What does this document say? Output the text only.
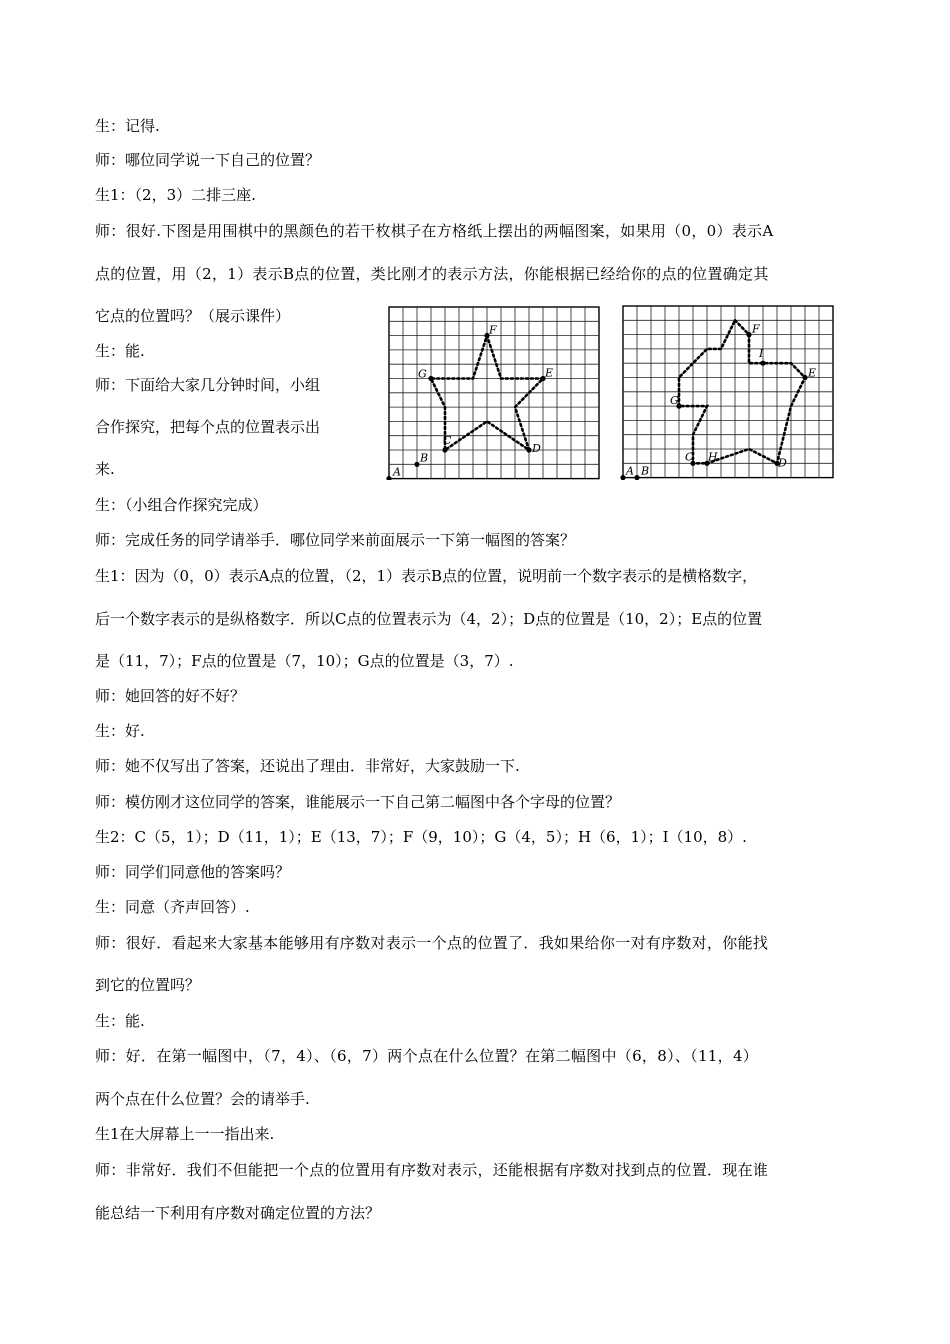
生：记得.
师：哪位同学说一下自己的位置？
生1：（2，3）二排三座.
师：很好.下图是用围棋中的黑颜色的若干枚棋子在方格纸上摆出的两幅图案，如果用（0，0）表示A
点的位置，用（2，1）表示B点的位置，类比刚才的表示方法，你能根据已经给你的点的位置确定其
它点的位置吗？（展示课件）
生：能.
师：下面给大家几分钟时间，小组
合作探究，把每个点的位置表示出
来.
生：（小组合作探究完成）
师：完成任务的同学请举手．哪位同学来前面展示一下第一幅图的答案？
生1：因为（0，0）表示A点的位置，（2，1）表示B点的位置，说明前一个数字表示的是横格数字，
后一个数字表示的是纵格数字．所以C点的位置表示为（4，2）；D点的位置是（10，2）；E点的位置
是（11，7）；F点的位置是（7，10）；G点的位置是（3，7）.
师：她回答的好不好？
生：好.
师：她不仅写出了答案，还说出了理由．非常好，大家鼓励一下.
师：模仿刚才这位同学的答案，谁能展示一下自己第二幅图中各个字母的位置？
生2：C（5，1）；D（11，1）；E（13，7）；F（9，10）；G（4，5）；H（6，1）；I（10，8）.
师：同学们同意他的答案吗？
生：同意（齐声回答）.
师：很好．看起来大家基本能够用有序数对表示一个点的位置了．我如果给你一对有序数对，你能找
到它的位置吗？
生：能.
师：好．在第一幅图中，（7，4）、（6，7）两个点在什么位置？在第二幅图中（6，8）、（11，4）
两个点在什么位置？会的请举手.
生1在大屏幕上一一指出来.
师：非常好．我们不但能把一个点的位置用有序数对表示，还能根据有序数对找到点的位置．现在谁
能总结一下利用有序数对确定位置的方法？
A
B
C
D
E
F
G
A B
C H	D
E
F
I
G
